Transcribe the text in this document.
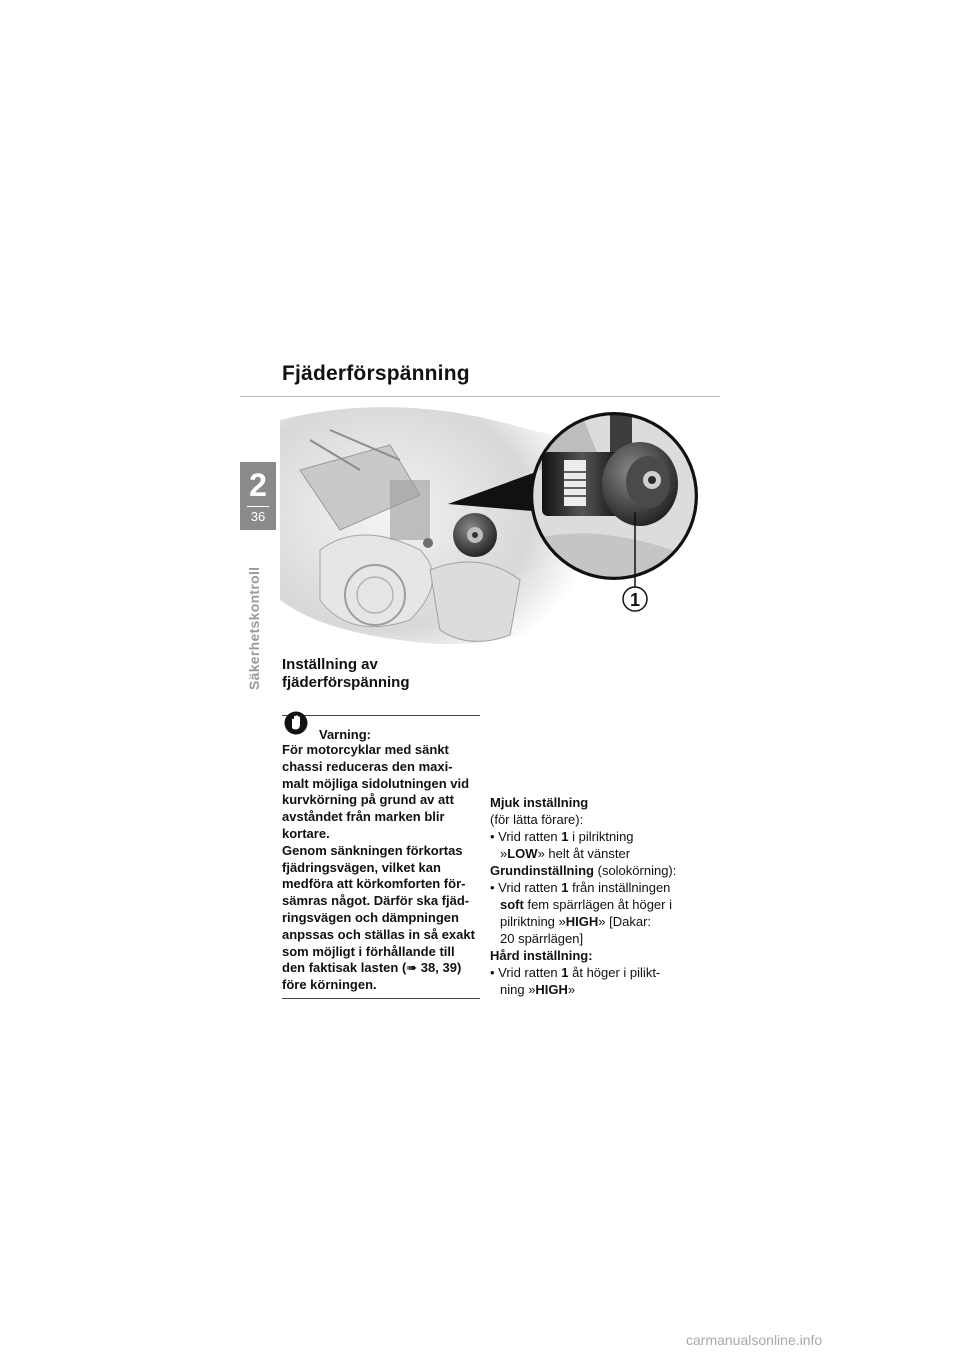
Fjäderförspänning
2
36
Säkerhetskontroll	1
Inställning av
fjäderförspänning
Varning:
För motorcyklar med sänkt
chassi reduceras den maxi-
malt möjliga sidolutningen vid
kurvkörning på grund av att
avståndet från marken blir
kortare.
Genom sänkningen förkortas
fjädringsvägen, vilket kan
medföra att körkomforten för-
sämras något. Därför ska fjäd-
ringsvägen och dämpningen
anpssas och ställas in så exakt
som möjligt i förhållande till
den faktisak lasten (➠ 38, 39)
före körningen.

Mjuk inställning

(för lätta förare):

• Vrid ratten 1 i pilriktning
»LOW» helt åt vänster

Grundinställning (solokörning):

• Vrid ratten 1 från inställningen
soft fem spärrlägen åt höger i
pilriktning »HIGH» [Dakar:
20 spärrlägen]

Hård inställning:

• Vrid ratten 1 åt höger i pilikt-
ning »HIGH»

carmanualsonline.info
